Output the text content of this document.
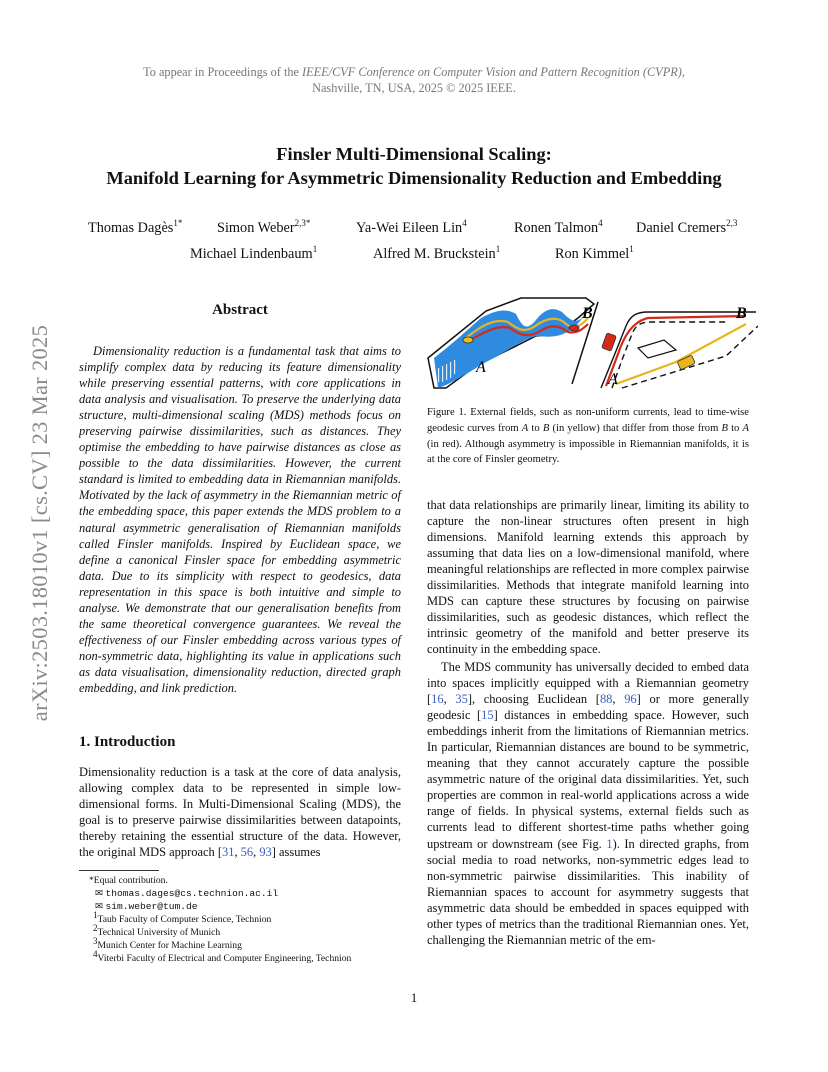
To appear in Proceedings of the IEEE/CVF Conference on Computer Vision and Pattern Recognition (CVPR),
Nashville, TN, USA, 2025 © 2025 IEEE.
Finsler Multi-Dimensional Scaling:
Manifold Learning for Asymmetric Dimensionality Reduction and Embedding
Thomas Dagès$^{1*}$ Simon Weber$^{2,3*}$	Ya-Wei Eileen Lin$^4$	Ronen Talmon$^4$ Daniel Cremers$^{2,3}$
Michael Lindenbaum$^1$	Alfred M. Bruckstein$^1$	Ron Kimmel$^1$
arXiv:2503.18010v1 [cs.CV] 23 Mar 2025
Abstract
Dimensionality reduction is a fundamental task that aims to simplify complex data by reducing its feature dimensionality while preserving essential patterns, with core applications in data analysis and visualisation. To preserve the underlying data structure, multi-dimensional scaling (MDS) methods focus on preserving pairwise dissimilarities, such as distances. They optimise the embedding to have pairwise distances as close as possible to the data dissimilarities. However, the current standard is limited to embedding data in Riemannian manifolds. Motivated by the lack of asymmetry in the Riemannian metric of the embedding space, this paper extends the MDS problem to a natural asymmetric generalisation of Riemannian manifolds called Finsler manifolds. Inspired by Euclidean space, we define a canonical Finsler space for embedding asymmetric data. Due to its simplicity with respect to geodesics, data representation in this space is both intuitive and simple to analyse. We demonstrate that our generalisation benefits from the same theoretical convergence guarantees. We reveal the effectiveness of our Finsler embedding across various types of non-symmetric data, highlighting its value in applications such as data visualisation, dimensionality reduction, directed graph embedding, and link prediction.
1. Introduction
Dimensionality reduction is a task at the core of data analysis, allowing complex data to be represented in simple low-dimensional forms. In Multi-Dimensional Scaling (MDS), the goal is to preserve pairwise dissimilarities between datapoints, thereby retaining the essential structure of the data. However, the original MDS approach [31, 56, 93] assumes
*Equal contribution.
✉ thomas.dages@cs.technion.ac.il
✉ sim.weber@tum.de
$^1$Taub Faculty of Computer Science, Technion
$^2$Technical University of Munich
$^3$Munich Center for Machine Learning
$^4$Viterbi Faculty of Electrical and Computer Engineering, Technion
A
B
A
B
Figure 1. External fields, such as non-uniform currents, lead to time-wise geodesic curves from A to B (in yellow) that differ from those from B to A (in red). Although asymmetry is impossible in Riemannian manifolds, it is at the core of Finsler geometry.
that data relationships are primarily linear, limiting its ability to capture the non-linear structures often present in high dimensions. Manifold learning extends this approach by assuming that data lies on a low-dimensional manifold, where meaningful relationships are reflected in more complex pairwise dissimilarities. Methods that integrate manifold learning into MDS can capture these structures by focusing on pairwise dissimilarities, such as geodesic distances, which reflect the intrinsic geometry of the manifold and better preserve its continuity in the embedding space.
The MDS community has universally decided to embed data into spaces implicitly equipped with a Riemannian geometry [16, 35], choosing Euclidean [88, 96] or more generally geodesic [15] distances in embedding space. However, such embeddings inherit from the limitations of Riemannian metrics. In particular, Riemannian distances are bound to be symmetric, meaning that they cannot accurately capture the possible asymmetric nature of the original data dissimilarities. Yet, such properties are common in real-world applications across a wide range of fields. In physical systems, external fields such as currents lead to different shortest-time paths whether going upstream or downstream (see Fig. 1). In directed graphs, from social media to road networks, non-symmetric edges lead to non-symmetric pairwise dissimilarities. This inability of Riemannian spaces to account for asymmetry suggests that asymmetric data should be embedded in spaces equipped with other types of metrics than the traditional Riemannian ones. Yet, challenging the Riemannian metric of the em-
1
